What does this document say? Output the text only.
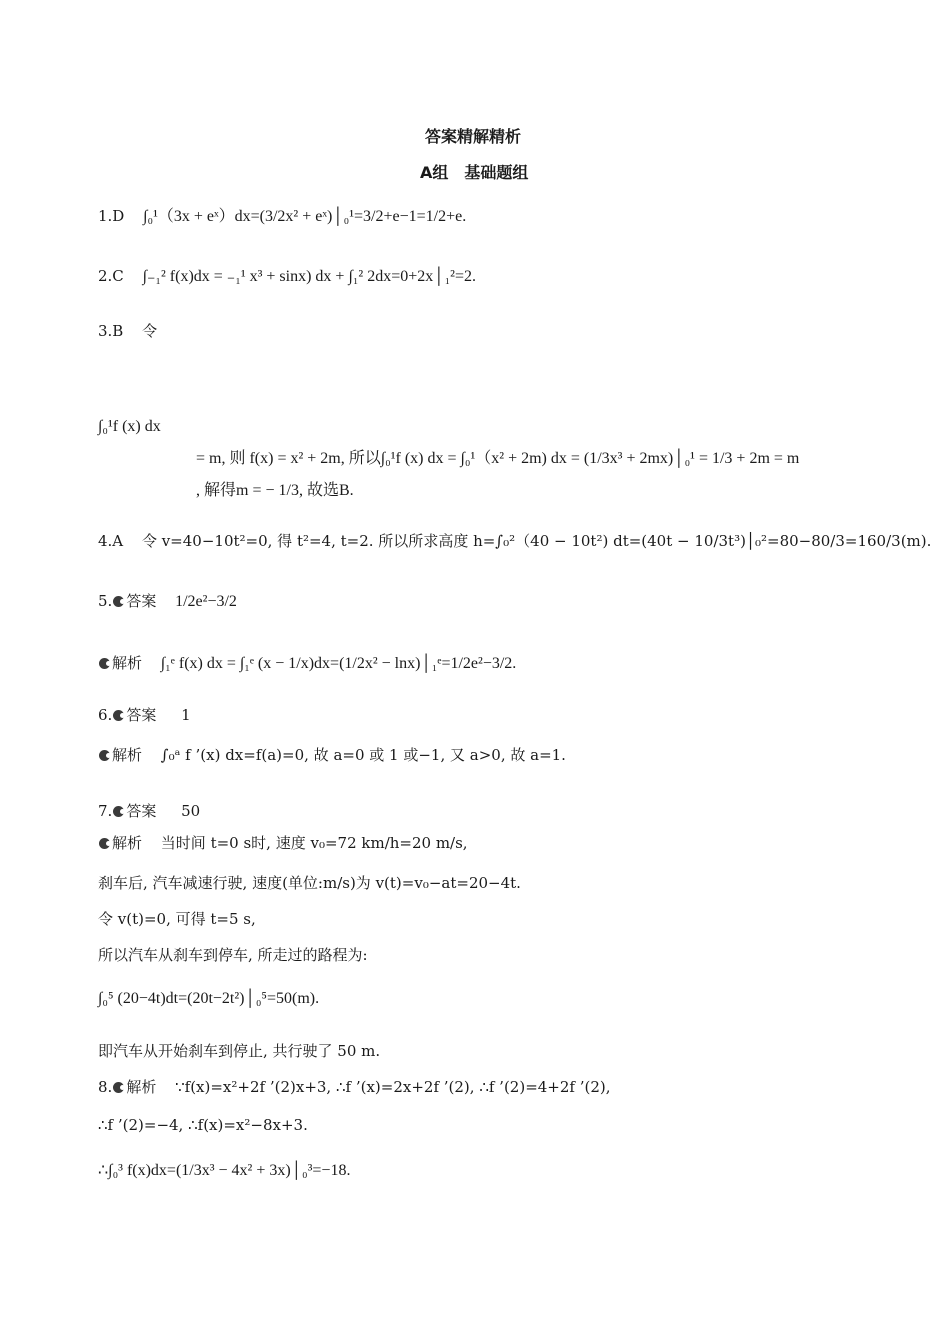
答案精解精析
A组　基础题组
1.D ∫₀¹（3x + eˣ）dx=(3/2x² + eˣ)│₀¹=3/2+e−1=1/2+e.
2.C ∫₋₁² f(x)dx = ₋₁¹ x³ + sinx) dx + ∫₁² 2dx=0+2x│₁²=2.
3.B 令
∫₀¹f (x) dx
= m, 则 f(x) = x² + 2m, 所以∫₀¹f (x) dx = ∫₀¹（x² + 2m) dx = (1/3x³ + 2mx)│₀¹ = 1/3 + 2m = m
, 解得m = − 1/3, 故选B.
4.A 令 v=40−10t²=0, 得 t²=4, t=2. 所以所求高度 h=∫₀²（40 − 10t²) dt=(40t − 10/3t³)│₀²=80−80/3=160/3(m).
5. 答案 1/2e²−3/2
解析 ∫₁ᵉ f(x) dx = ∫₁ᵉ (x − 1/x)dx=(1/2x² − lnx)│₁ᵉ=1/2e²−3/2.
6. 答案 1
解析 ∫₀ᵃ f ’(x) dx=f(a)=0, 故 a=0 或 1 或−1, 又 a>0, 故 a=1.
7. 答案 50
解析 当时间 t=0 s时, 速度 v₀=72 km/h=20 m/s,
刹车后, 汽车减速行驶, 速度(单位:m/s)为 v(t)=v₀−at=20−4t.
令 v(t)=0, 可得 t=5 s,
所以汽车从刹车到停车, 所走过的路程为:
∫₀⁵ (20−4t)dt=(20t−2t²)│₀⁵=50(m).
即汽车从开始刹车到停止, 共行驶了 50 m.
8. 解析 ∵f(x)=x²+2f ’(2)x+3, ∴f ’(x)=2x+2f ’(2), ∴f ’(2)=4+2f ’(2),
∴f ’(2)=−4, ∴f(x)=x²−8x+3.
∴∫₀³ f(x)dx=(1/3x³ − 4x² + 3x)│₀³=−18.
